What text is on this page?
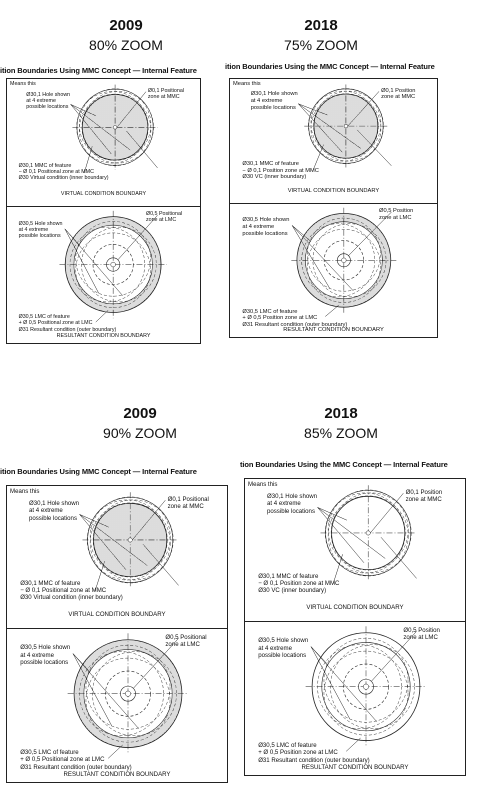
2009
80% ZOOM
2018
75% ZOOM
2009
90% ZOOM
2018
85% ZOOM
ition Boundaries Using MMC Concept — Internal Feature
Means this
Ø30,1 Hole shown
at 4 extreme
possible locations
Ø0,1 Positional
zone at MMC
Ø30,1 MMC of feature
− Ø 0,1 Positional zone at MMC
Ø30 Virtual condition (inner boundary)
VIRTUAL CONDITION BOUNDARY
Ø30,5 Hole shown
at 4 extreme
possible locations
Ø0,5 Positional
zone at LMC
Ø30,5 LMC of feature
+ Ø 0,5 Positional zone at LMC
Ø31 Resultant condition (outer boundary)
RESULTANT CONDITION BOUNDARY
ition Boundaries Using the MMC Concept — Internal Feature
Means this
Ø30,1 Hole shown
at 4 extreme
possible locations
Ø0,1 Position
zone at MMC
Ø30,1 MMC of feature
− Ø 0,1 Position zone at MMC
Ø30 VC (inner boundary)
VIRTUAL CONDITION BOUNDARY
Ø30,5 Hole shown
at 4 extreme
possible locations
Ø0,5 Position
zone at LMC
Ø30,5 LMC of feature
+ Ø 0,5 Position zone at LMC
Ø31 Resultant condition (outer boundary)
RESULTANT CONDITION BOUNDARY
ition Boundaries Using MMC Concept — Internal Feature
Means this
Ø30,1 Hole shown
at 4 extreme
possible locations
Ø0,1 Positional
zone at MMC
Ø30,1 MMC of feature
− Ø 0,1 Positional zone at MMC
Ø30 Virtual condition (inner boundary)
VIRTUAL CONDITION BOUNDARY
Ø30,5 Hole shown
at 4 extreme
possible locations
Ø0,5 Positional
zone at LMC
Ø30,5 LMC of feature
+ Ø 0,5 Positional zone at LMC
Ø31 Resultant condition (outer boundary)
RESULTANT CONDITION BOUNDARY
tion Boundaries Using the MMC Concept — Internal Feature
Means this
Ø30,1 Hole shown
at 4 extreme
possible locations
Ø0,1 Position
zone at MMC
Ø30,1 MMC of feature
− Ø 0,1 Position zone at MMC
Ø30 VC (inner boundary)
VIRTUAL CONDITION BOUNDARY
Ø30,5 Hole shown
at 4 extreme
possible locations
Ø0,5 Position
zone at LMC
Ø30,5 LMC of feature
+ Ø 0,5 Position zone at LMC
Ø31 Resultant condition (outer boundary)
RESULTANT CONDITION BOUNDARY
